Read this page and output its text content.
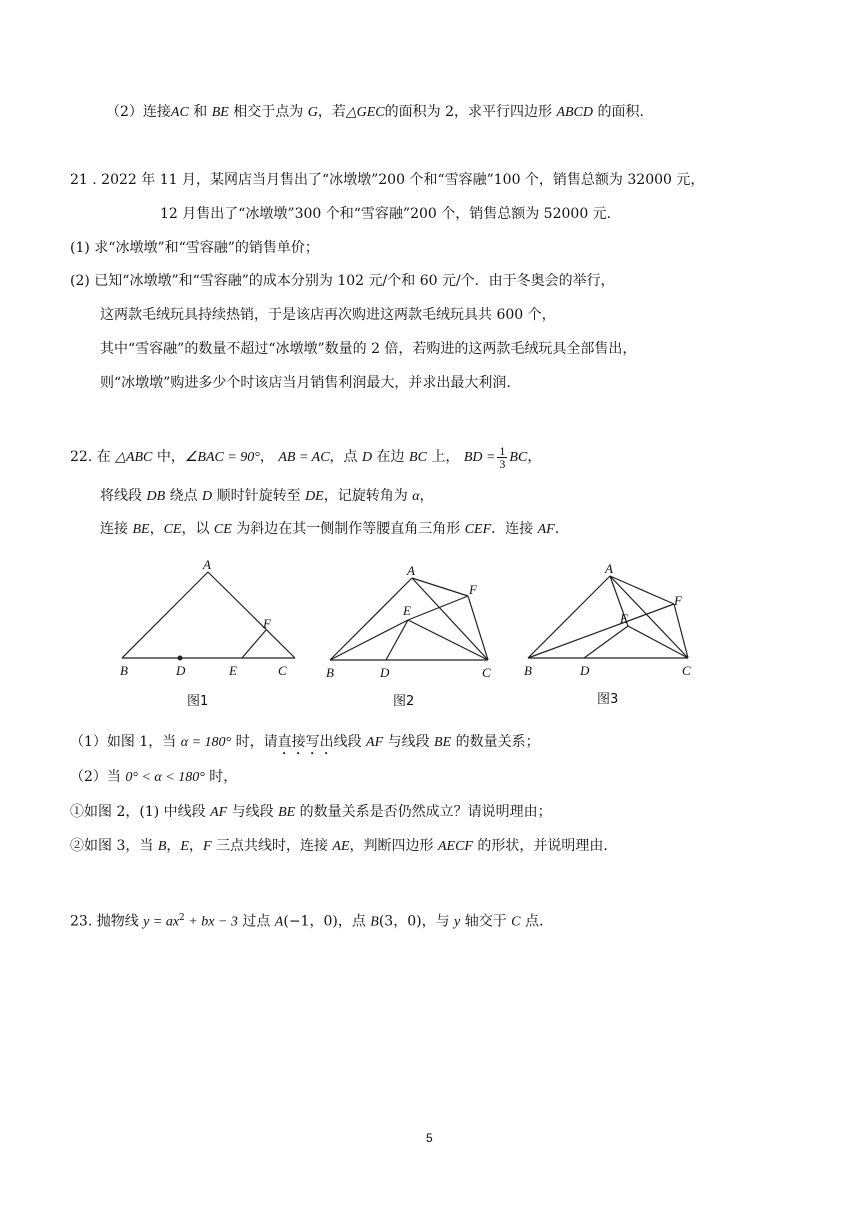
（2）连接AC 和 BE 相交于点为 G，若△GEC的面积为 2，求平行四边形 ABCD 的面积.
21 . 2022 年 11 月，某网店当月售出了“冰墩墩”200 个和“雪容融”100 个，销售总额为 32000 元，
12 月售出了“冰墩墩”300 个和“雪容融”200 个，销售总额为 52000 元.
(1) 求“冰墩墩”和“雪容融”的销售单价；
(2) 已知“冰墩墩”和“雪容融”的成本分别为 102 元/个和 60 元/个．由于冬奥会的举行，
这两款毛绒玩具持续热销，于是该店再次购进这两款毛绒玩具共 600 个，
其中“雪容融”的数量不超过“冰墩墩”数量的 2 倍，若购进的这两款毛绒玩具全部售出，
则“冰墩墩”购进多少个时该店当月销售利润最大，并求出最大利润.
22. 在 △ABC 中，∠BAC = 90°， AB = AC，点 D 在边 BC 上， BD = $\frac{1}{3}$ BC，
将线段 DB 绕点 D 顺时针旋转至 DE，记旋转角为 α，
连接 BE，CE，以 CE 为斜边在其一侧制作等腰直角三角形 CEF．连接 AF.
A
F
B	D	E	C
图1
A
F
E
B	D	C
图2
A
F
E
B	D	C
图3
（1）如图 1，当 α = 180° 时，请直接写出线段 AF 与线段 BE 的数量关系；
（2）当 0° < α < 180° 时，
①如图 2，(1) 中线段 AF 与线段 BE 的数量关系是否仍然成立？请说明理由；
②如图 3，当 B，E，F 三点共线时，连接 AE，判断四边形 AECF 的形状，并说明理由.
23. 抛物线 $y = ax^2$ + bx − 3 过点 A(−1，0)，点 B(3，0)，与 y 轴交于 C 点.
5
